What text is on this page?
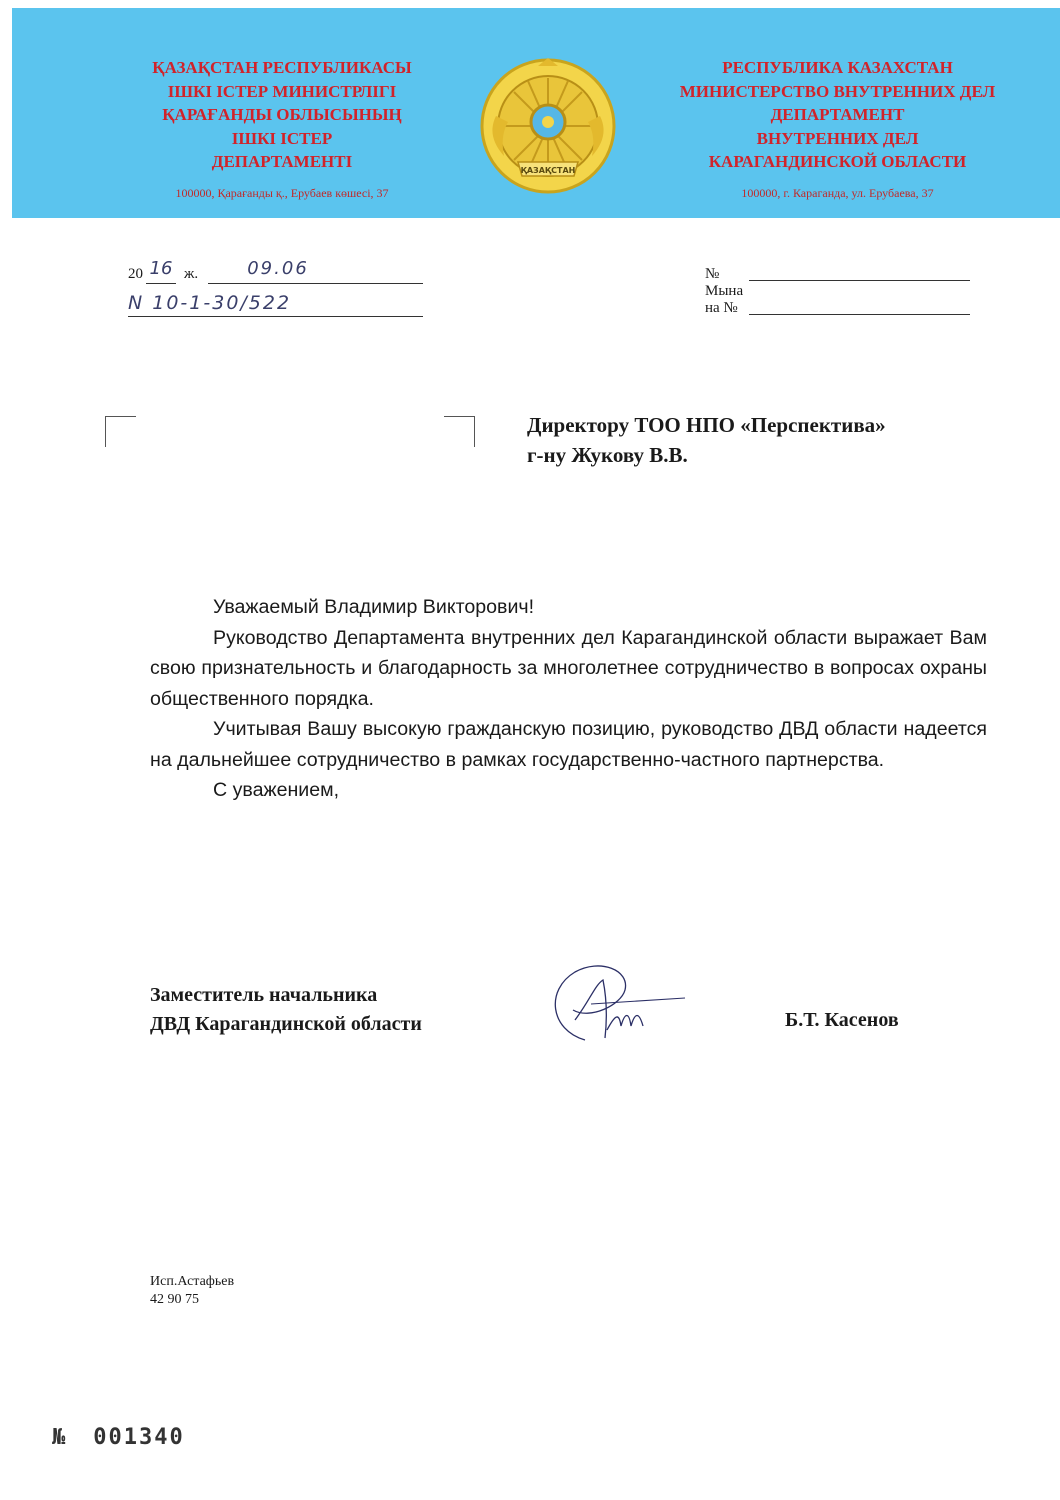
ҚАЗАҚСТАН РЕСПУБЛИКАСЫ
ІШКІ ІСТЕР МИНИСТРЛІГІ
ҚАРАҒАНДЫ ОБЛЫСЫНЫҢ
ІШКІ ІСТЕР
ДЕПАРТАМЕНТІ
100000, Қарағанды қ., Ерубаев көшесі, 37
ҚАЗАҚСТАН
РЕСПУБЛИКА КАЗАХСТАН
МИНИСТЕРСТВО ВНУТРЕННИХ ДЕЛ
ДЕПАРТАМЕНТ
ВНУТРЕННИХ ДЕЛ
КАРАГАНДИНСКОЙ ОБЛАСТИ
100000, г. Караганда, ул. Ерубаева, 37
20 16 ж.	09.06
N 10-1-30/522
№
Мына
на №
Директору ТОО НПО «Перспектива»
г-ну Жукову В.В.

Уважаемый Владимир Викторович!

Руководство Департамента внутренних дел Карагандинской области выражает Вам свою признательность и благодарность за многолетнее сотрудничество в вопросах охраны общественного порядка.

Учитывая Вашу высокую гражданскую позицию, руководство ДВД области надеется на дальнейшее сотрудничество в рамках государственно-частного партнерства.

С уважением,

Заместитель начальника
ДВД Карагандинской области	Б.Т. Касенов
Исп.Астафьев
42 90 75
№ 001340
